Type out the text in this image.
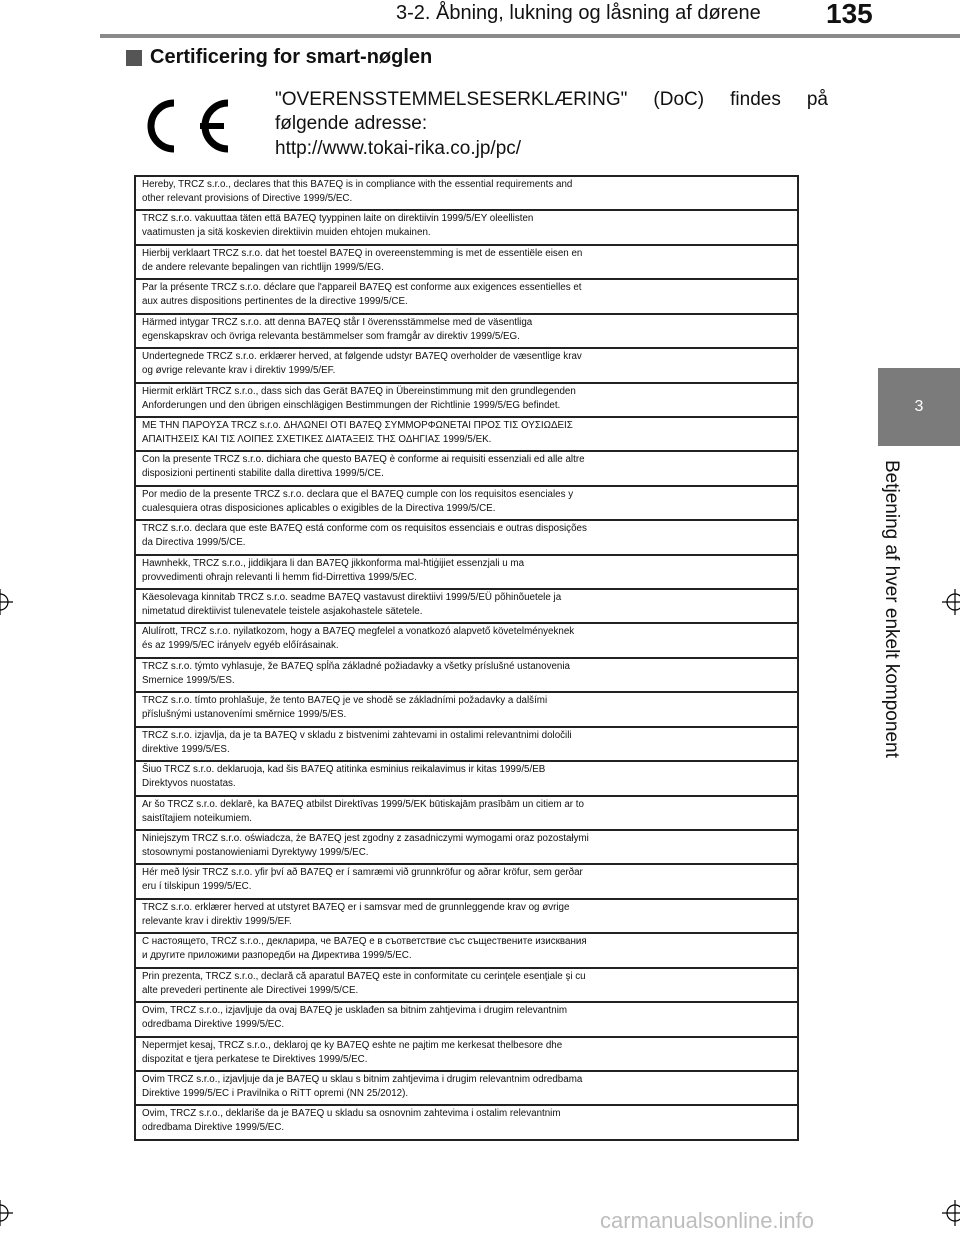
3-2. Åbning, lukning og låsning af dørene 135
Certificering for smart-nøglen
"OVERENSSTEMMELSESERKLÆRING" (DoC) findes på følgende adresse:
http://www.tokai-rika.co.jp/pc/
3
Betjening af hver enkelt komponent
Hereby, TRCZ s.r.o., declares that this BA7EQ is in compliance with the essential requirements and
other relevant provisions of Directive 1999/5/EC.
TRCZ s.r.o. vakuuttaa täten että BA7EQ tyyppinen laite on direktiivin 1999/5/EY oleellisten
vaatimusten ja sitä koskevien direktiivin muiden ehtojen mukainen.
Hierbij verklaart TRCZ s.r.o. dat het toestel BA7EQ in overeenstemming is met de essentiële eisen en
de andere relevante bepalingen van richtlijn 1999/5/EG.
Par la présente TRCZ s.r.o. déclare que l'appareil BA7EQ est conforme aux exigences essentielles et
aux autres dispositions pertinentes de la directive 1999/5/CE.
Härmed intygar TRCZ s.r.o. att denna BA7EQ står I överensstämmelse med de väsentliga
egenskapskrav och övriga relevanta bestämmelser som framgår av direktiv 1999/5/EG.
Undertegnede TRCZ s.r.o. erklærer herved, at følgende udstyr BA7EQ overholder de væsentlige krav
og øvrige relevante krav i direktiv 1999/5/EF.
Hiermit erklärt TRCZ s.r.o., dass sich das Gerät BA7EQ in Übereinstimmung mit den grundlegenden
Anforderungen und den übrigen einschlägigen Bestimmungen der Richtlinie 1999/5/EG befindet.
ΜΕ ΤΗΝ ΠΑΡΟΥΣΑ TRCZ s.r.o. ΔΗΛΩΝΕΙ ΟΤΙ BA7EQ ΣΥΜΜΟΡΦΩΝΕΤΑΙ ΠΡΟΣ ΤΙΣ ΟΥΣΙΩΔΕΙΣ
ΑΠΑΙΤΗΣΕΙΣ ΚΑΙ ΤΙΣ ΛΟΙΠΕΣ ΣΧΕΤΙΚΕΣ ΔΙΑΤΑΞΕΙΣ ΤΗΣ ΟΔΗΓΙΑΣ 1999/5/ΕΚ.
Con la presente TRCZ s.r.o. dichiara che questo BA7EQ è conforme ai requisiti essenziali ed alle altre
disposizioni pertinenti stabilite dalla direttiva 1999/5/CE.
Por medio de la presente TRCZ s.r.o. declara que el BA7EQ cumple con los requisitos esenciales y
cualesquiera otras disposiciones aplicables o exigibles de la Directiva 1999/5/CE.
TRCZ s.r.o. declara que este BA7EQ está conforme com os requisitos essenciais e outras disposições
da Directiva 1999/5/CE.
Hawnhekk, TRCZ s.r.o., jiddikjara li dan BA7EQ jikkonforma mal-ħtiġijiet essenzjali u ma
provvedimenti oħrajn relevanti li hemm fid-Dirrettiva 1999/5/EC.
Käesolevaga kinnitab TRCZ s.r.o. seadme BA7EQ vastavust direktiivi 1999/5/EÜ põhinõuetele ja
nimetatud direktiivist tulenevatele teistele asjakohastele sätetele.
Alulírott, TRCZ s.r.o. nyilatkozom, hogy a BA7EQ megfelel a vonatkozó alapvető követelményeknek
és az 1999/5/EC irányelv egyéb előírásainak.
TRCZ s.r.o. týmto vyhlasuje, že BA7EQ spĺňa základné požiadavky a všetky príslušné ustanovenia
Smernice 1999/5/ES.
TRCZ s.r.o. tímto prohlašuje, že tento BA7EQ je ve shodě se základními požadavky a dalšími
příslušnými ustanoveními směrnice 1999/5/ES.
TRCZ s.r.o. izjavlja, da je ta BA7EQ v skladu z bistvenimi zahtevami in ostalimi relevantnimi določili
direktive 1999/5/ES.
Šiuo TRCZ s.r.o. deklaruoja, kad šis BA7EQ atitinka esminius reikalavimus ir kitas 1999/5/EB
Direktyvos nuostatas.
Ar šo TRCZ s.r.o. deklarē, ka BA7EQ atbilst Direktīvas 1999/5/EK būtiskajām prasībām un citiem ar to
saistītajiem noteikumiem.
Niniejszym TRCZ s.r.o. oświadcza, że BA7EQ jest zgodny z zasadniczymi wymogami oraz pozostałymi
stosownymi postanowieniami Dyrektywy 1999/5/EC.
Hér með lýsir TRCZ s.r.o. yfir því að BA7EQ er í samræmi við grunnkröfur og aðrar kröfur, sem gerðar
eru í tilskipun 1999/5/EC.
TRCZ s.r.o. erklærer herved at utstyret BA7EQ er i samsvar med de grunnleggende krav og øvrige
relevante krav i direktiv 1999/5/EF.
С настоящето, TRCZ s.r.o., декларира, че BA7EQ е в съответствие със съществените изисквания
и другите приложими разпоредби на Директива 1999/5/EC.
Prin prezenta, TRCZ s.r.o., declară că aparatul BA7EQ este in conformitate cu cerinţele esenţiale şi cu
alte prevederi pertinente ale Directivei 1999/5/CE.
Ovim, TRCZ s.r.o., izjavljuje da ovaj BA7EQ je usklađen sa bitnim zahtjevima i drugim relevantnim
odredbama Direktive 1999/5/EC.
Nepermjet kesaj, TRCZ s.r.o., deklaroj qe ky BA7EQ eshte ne pajtim me kerkesat thelbesore dhe
dispozitat e tjera perkatese te Direktives 1999/5/EC.
Ovim TRCZ s.r.o., izjavljuje da je BA7EQ u sklau s bitnim zahtjevima i drugim relevantnim odredbama
Direktive 1999/5/EC i Pravilnika o RiTT opremi (NN 25/2012).
Ovim, TRCZ s.r.o., deklariše da je BA7EQ u skladu sa osnovnim zahtevima i ostalim relevantnim
odredbama Direktive 1999/5/EC.
carmanualsonline.info
